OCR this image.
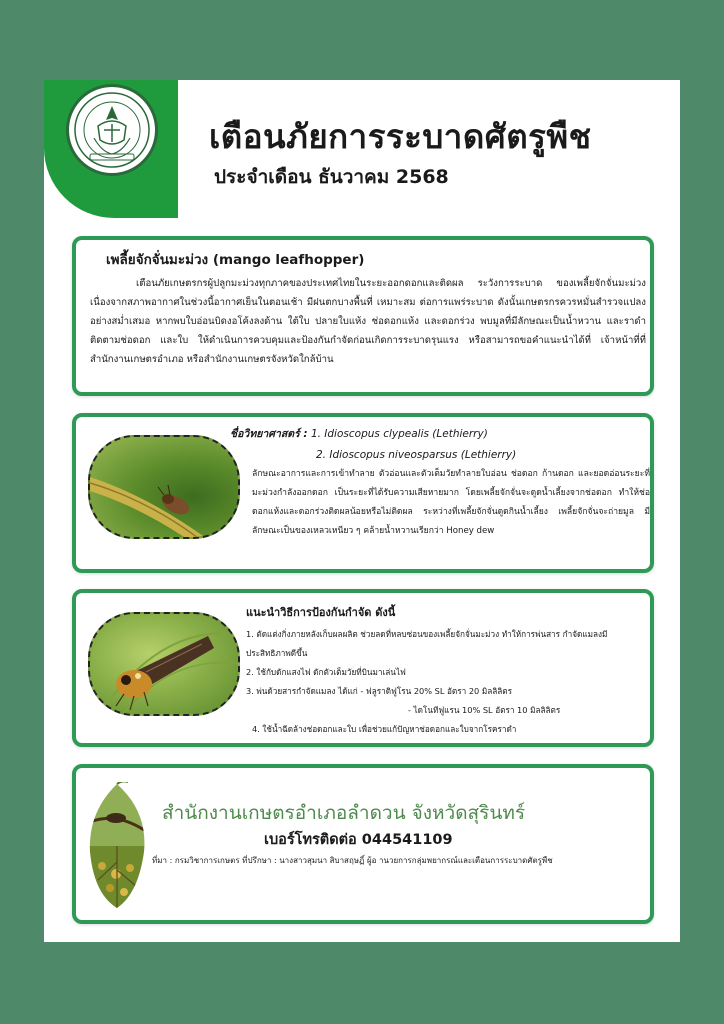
เตือนภัยการระบาดศัตรูพืช
ประจำเดือน ธันวาคม 2568
เพลี้ยจักจั่นมะม่วง (mango leafhopper)

เตือนภัยเกษตรกรผู้ปลูกมะม่วงทุกภาคของประเทศไทยในระยะออกดอกและติดผล ระวังการระบาด ของเพลี้ยจักจั่นมะม่วง เนื่องจากสภาพอากาศในช่วงนี้อากาศเย็นในตอนเช้า มีฝนตกบางพื้นที่ เหมาะสม ต่อการแพร่ระบาด ดังนั้นเกษตรกรควรหมั่นสำรวจแปลงอย่างสม่ำเสมอ หากพบใบอ่อนบิดงอโค้งลงด้าน ใต้ใบ ปลายใบแห้ง ช่อดอกแห้ง และดอกร่วง พบมูลที่มีลักษณะเป็นน้ำหวาน และราดำติดตามช่อดอก และใบ ให้ดำเนินการควบคุมและป้องกันกำจัดก่อนเกิดการระบาดรุนแรง หรือสามารถขอคำแนะนำได้ที่ เจ้าหน้าที่ที่สำนักงานเกษตรอำเภอ หรือสำนักงานเกษตรจังหวัดใกล้บ้าน

ชื่อวิทยาศาสตร์ : 1. Idioscopus clypealis (Lethierry)
2. Idioscopus niveosparsus (Lethierry)

ลักษณะอาการและการเข้าทำลาย ตัวอ่อนและตัวเต็มวัยทำลายใบอ่อน ช่อดอก ก้านดอก และยอดอ่อนระยะที่มะม่วงกำลังออกดอก เป็นระยะที่ได้รับความเสียหายมาก โดยเพลี้ยจักจั่นจะดูดน้ำเลี้ยงจากช่อดอก ทำให้ช่อดอกแห้งและดอกร่วงติดผลน้อยหรือไม่ติดผล ระหว่างที่เพลี้ยจักจั่นดูดกินน้ำเลี้ยง เพลี้ยจักจั่นจะถ่ายมูล มีลักษณะเป็นของเหลวเหนียว ๆ คล้ายน้ำหวานเรียกว่า Honey dew

แนะนำวิธีการป้องกันกำจัด ดังนี้
1. ตัดแต่งกิ่งภายหลังเก็บผลผลิต ช่วยลดที่หลบซ่อนของเพลี้ยจักจั่นมะม่วง ทำให้การพ่นสาร กำจัดแมลงมีประสิทธิภาพดีขึ้น
2. ใช้กับดักแสงไฟ ดักตัวเต็มวัยที่บินมาเล่นไฟ
3. พ่นด้วยสารกำจัดแมลง ได้แก่ - ฟลูราดิฟูโรน 20% SL อัตรา 20 มิลลิลิตร
- ไดโนทีฟูแรน 10% SL อัตรา 10 มิลลิลิตร
4. ใช้น้ำฉีดล้างช่อดอกและใบ เพื่อช่วยแก้ปัญหาช่อดอกและใบจากโรคราดำ
สำนักงานเกษตรอำเภอลำดวน จังหวัดสุรินทร์
เบอร์โทรติดต่อ 044541109
ที่มา : กรมวิชาการเกษตร ที่ปรึกษา : นางสาวสุมนา สิบาสฤษฏิ์ ผู้อ านวยการกลุ่มพยากรณ์และเตือนการระบาดศัตรูพืช
